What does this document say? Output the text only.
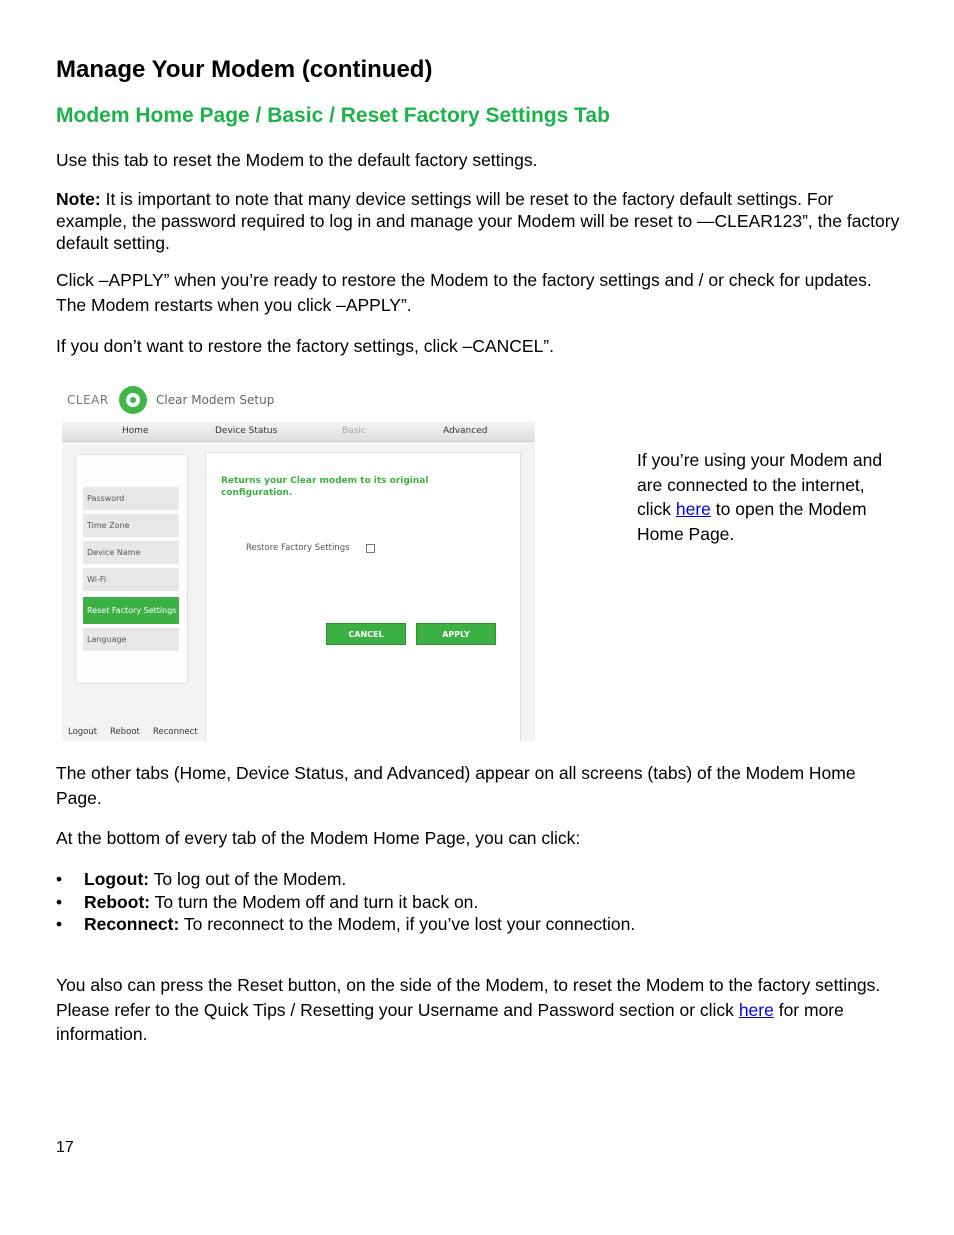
Manage Your Modem (continued)
Modem Home Page / Basic / Reset Factory Settings Tab
Use this tab to reset the Modem to the default factory settings.
Note: It is important to note that many device settings will be reset to the factory default settings. For example, the password required to log in and manage your Modem will be reset to —CLEAR123”, the factory default setting.
Click –APPLY” when you’re ready to restore the Modem to the factory settings and / or check for updates. The Modem restarts when you click –APPLY”.
If you don’t want to restore the factory settings, click –CANCEL”.
CLEAR	Clear Modem Setup
Home	Device Status	Basic	Advanced
Password
Time Zone
Device Name
Wi-Fi
Reset Factory Settings
Language
Returns your Clear modem to its original configuration.
Restore Factory Settings
CANCEL	APPLY
Logout Reboot Reconnect
If you’re using your Modem and are connected to the internet, click here to open the Modem Home Page.
The other tabs (Home, Device Status, and Advanced) appear on all screens (tabs) of the Modem Home Page.
At the bottom of every tab of the Modem Home Page, you can click:
•	Logout: To log out of the Modem.
•	Reboot: To turn the Modem off and turn it back on.
•	Reconnect: To reconnect to the Modem, if you’ve lost your connection.
You also can press the Reset button, on the side of the Modem, to reset the Modem to the factory settings. Please refer to the Quick Tips / Resetting your Username and Password section or click here for more information.
17
